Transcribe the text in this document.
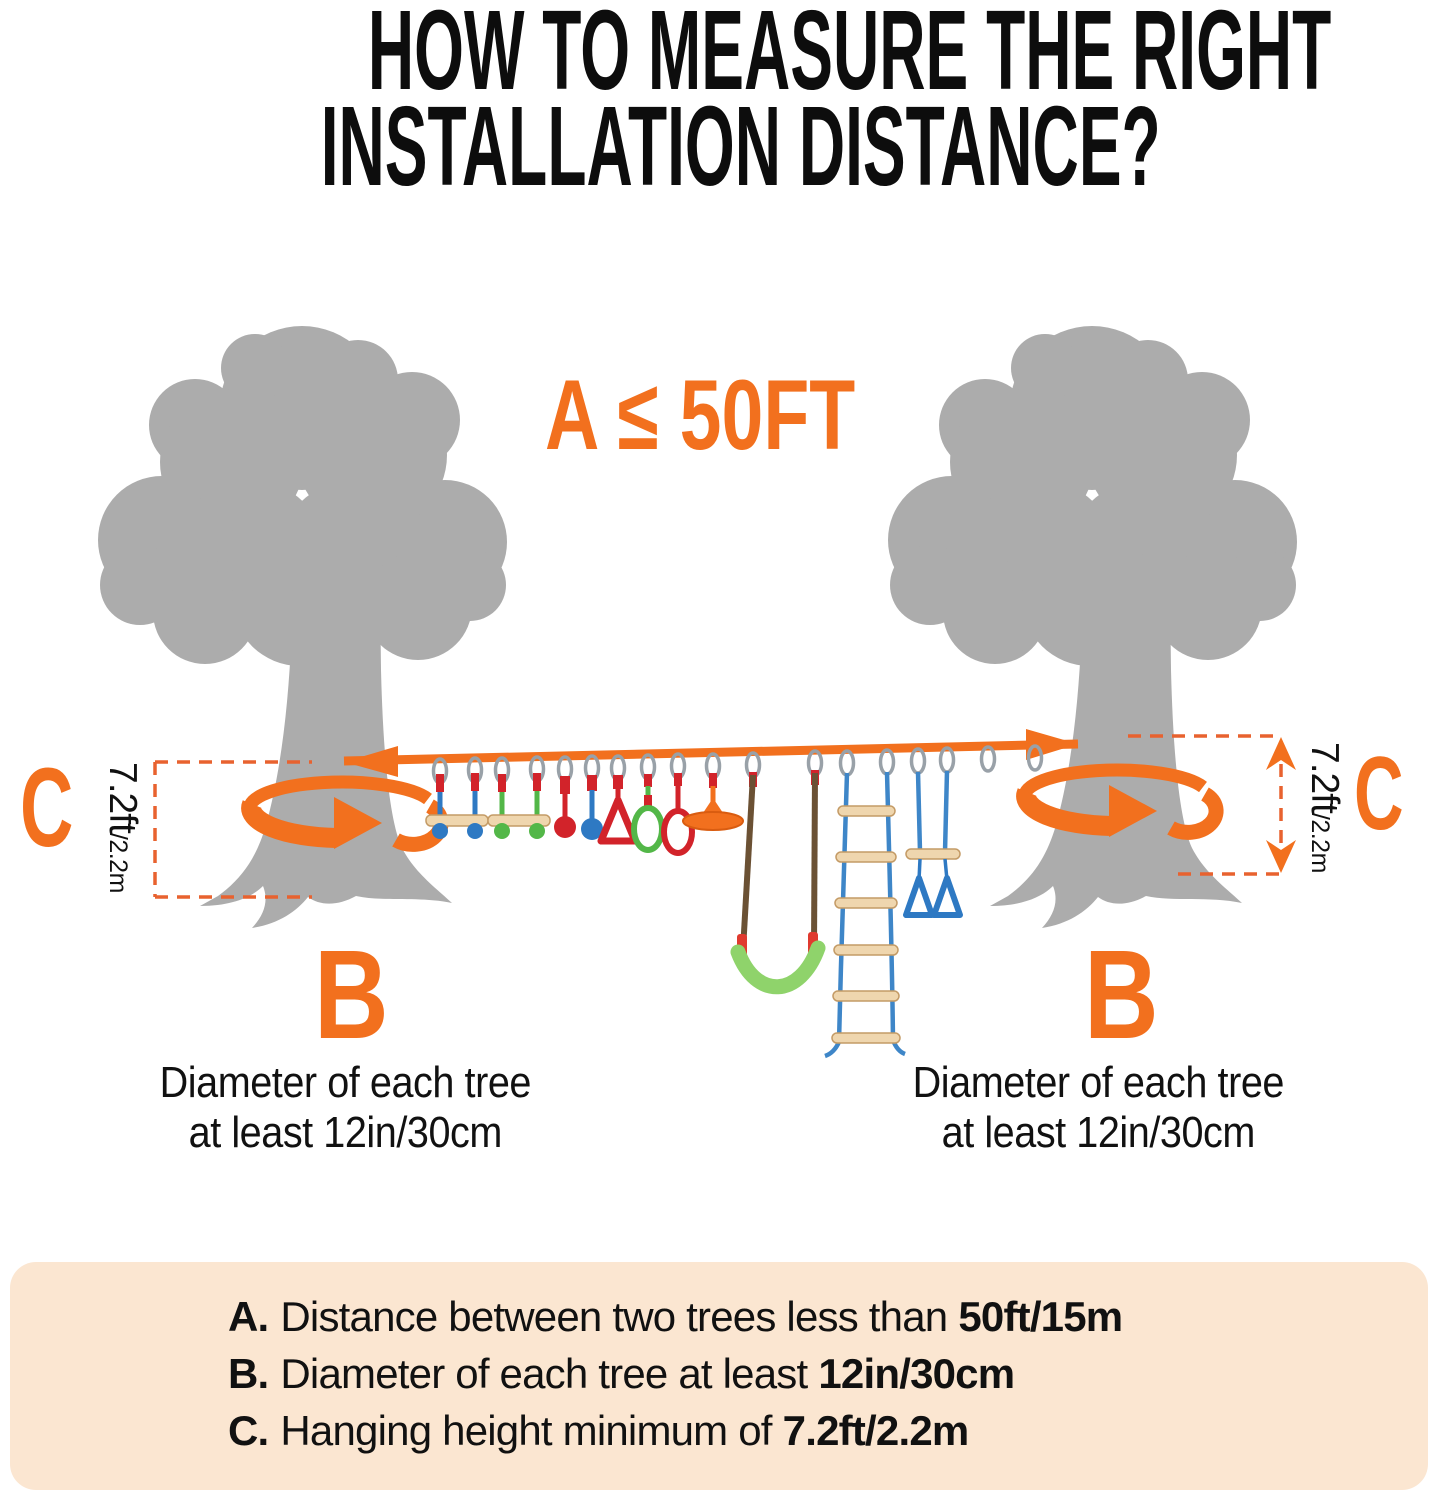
HOW TO MEASURE THE RIGHT
INSTALLATION DISTANCE?
A ≤ 50FT
C	C
7.2ft/2.2m
7.2ft/2.2m
B	B
Diameter of each tree
at least 12in/30cm
Diameter of each tree
at least 12in/30cm
A. Distance between two trees less than 50ft/15m
B. Diameter of each tree at least 12in/30cm
C. Hanging height minimum of 7.2ft/2.2m
